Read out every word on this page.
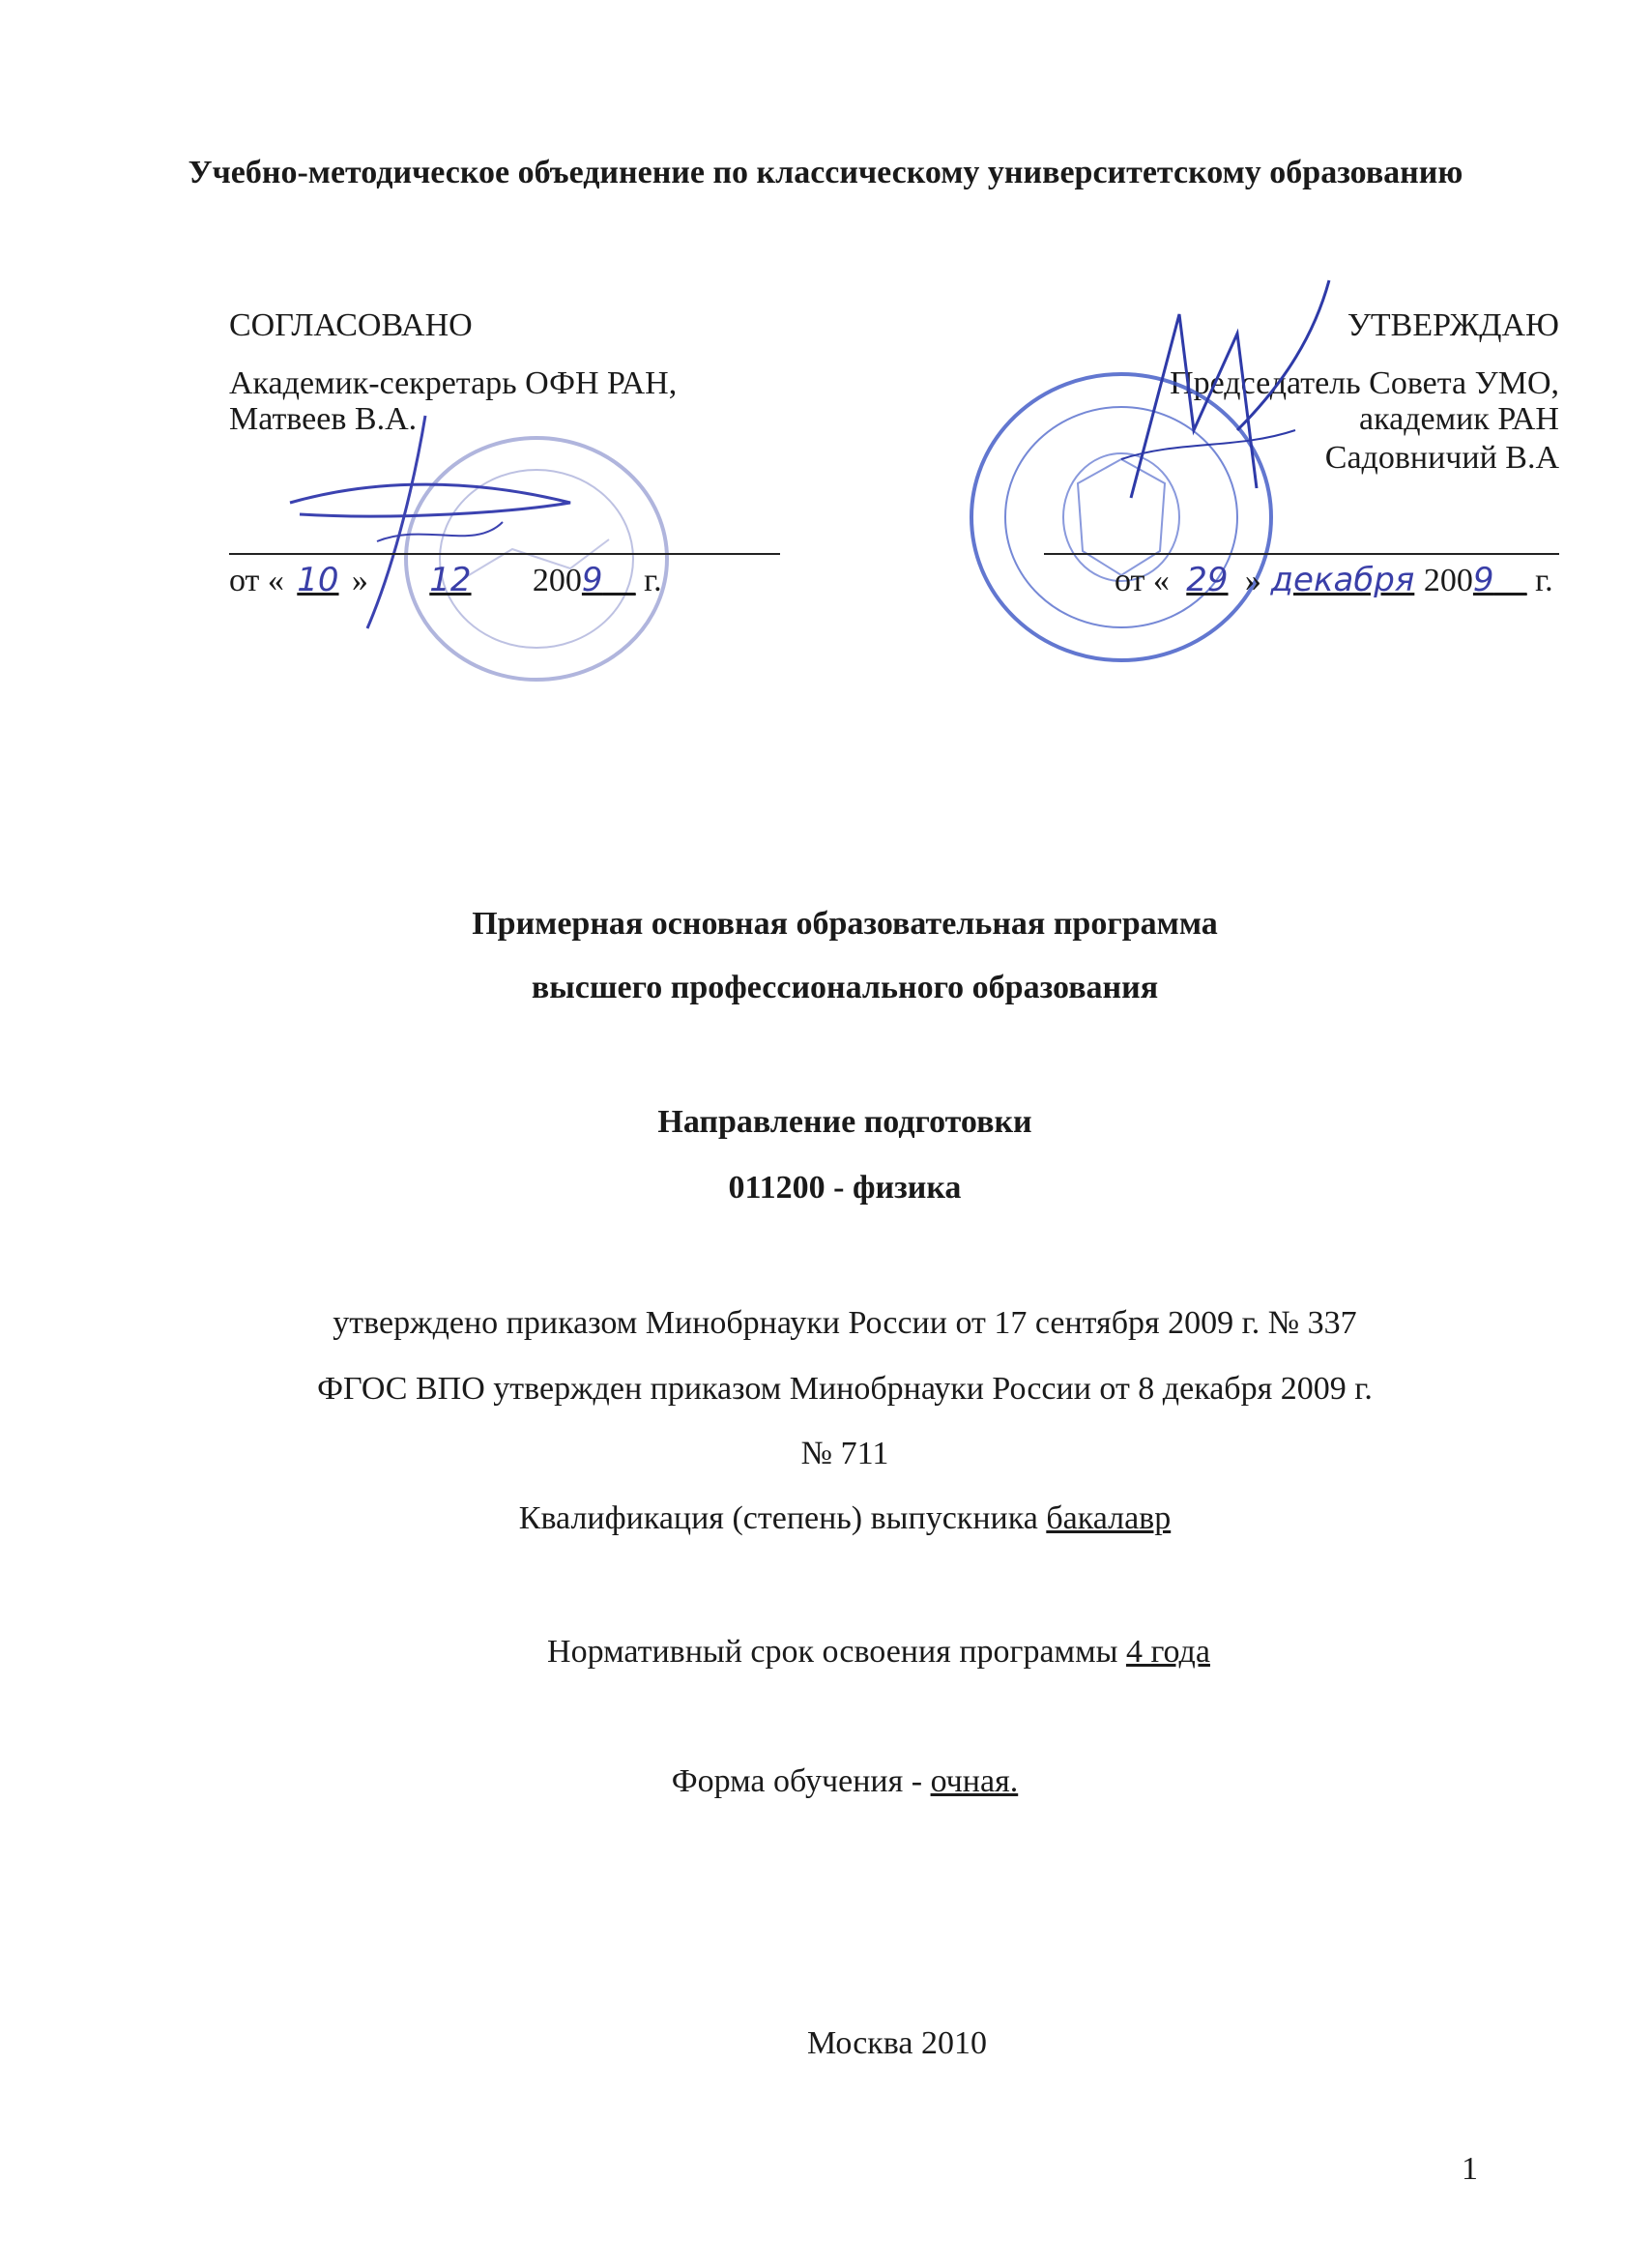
Учебно-методическое объединение по классическому университетскому образованию
СОГЛАСОВАНО
Академик-секретарь ОФН РАН,
Матвеев В.А.
от « 10 » 12 2009__ г.
УТВЕРЖДАЮ
Председатель Совета УМО,
академик РАН
Садовничий В.А
от « 29 » декабря 2009__ г.
Примерная основная образовательная программа
высшего профессионального образования
Направление подготовки
011200 - физика
утверждено приказом Минобрнауки России от 17 сентября 2009 г. № 337
ФГОС ВПО утвержден приказом Минобрнауки России от 8 декабря 2009 г.
№ 711
Квалификация (степень) выпускника бакалавр
Нормативный срок освоения программы 4 года
Форма обучения - очная.
Москва 2010
1
